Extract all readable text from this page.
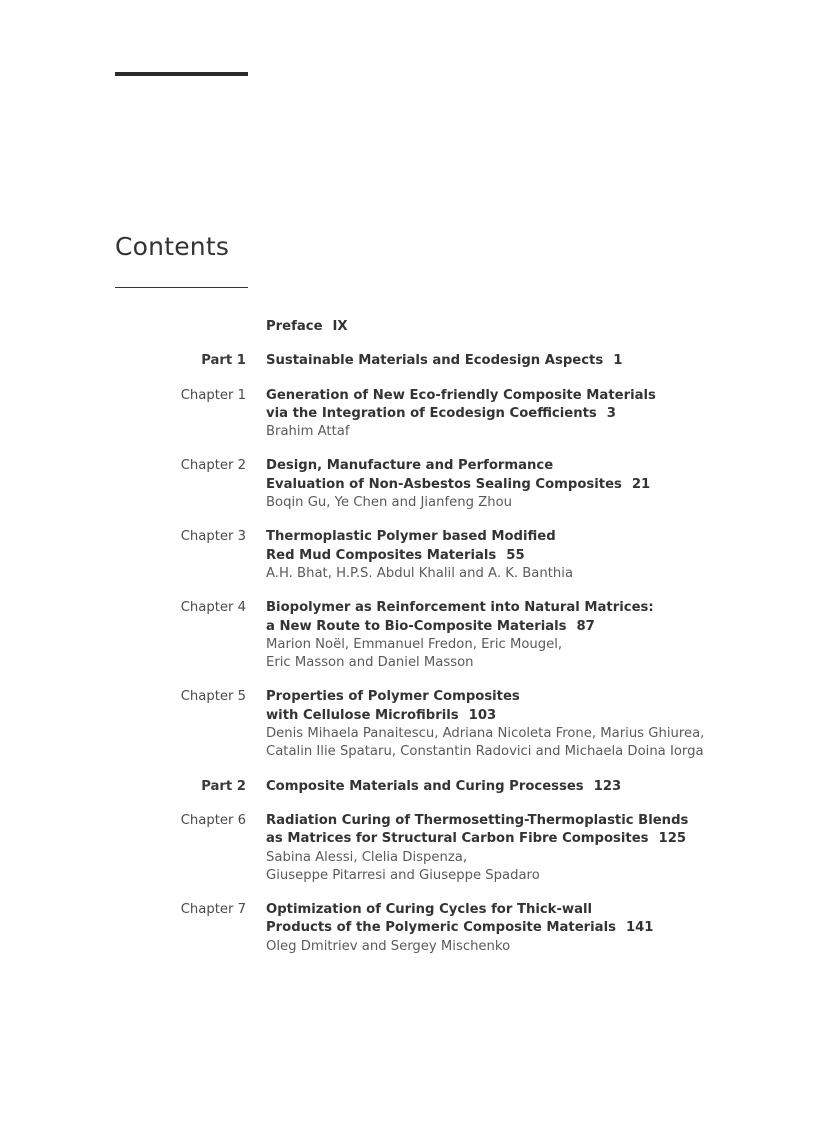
Contents
Preface IX
Part 1 Sustainable Materials and Ecodesign Aspects 1
Chapter 1 Generation of New Eco-friendly Composite Materials
via the Integration of Ecodesign Coefficients 3
Brahim Attaf
Chapter 2 Design, Manufacture and Performance
Evaluation of Non-Asbestos Sealing Composites 21
Boqin Gu, Ye Chen and Jianfeng Zhou
Chapter 3 Thermoplastic Polymer based Modified
Red Mud Composites Materials 55
A.H. Bhat, H.P.S. Abdul Khalil and A. K. Banthia
Chapter 4 Biopolymer as Reinforcement into Natural Matrices:
a New Route to Bio-Composite Materials 87
Marion Noël, Emmanuel Fredon, Eric Mougel,
Eric Masson and Daniel Masson
Chapter 5 Properties of Polymer Composites
with Cellulose Microfibrils 103
Denis Mihaela Panaitescu, Adriana Nicoleta Frone, Marius Ghiurea,
Catalin Ilie Spataru, Constantin Radovici and Michaela Doina Iorga
Part 2 Composite Materials and Curing Processes 123
Chapter 6 Radiation Curing of Thermosetting-Thermoplastic Blends
as Matrices for Structural Carbon Fibre Composites 125
Sabina Alessi, Clelia Dispenza,
Giuseppe Pitarresi and Giuseppe Spadaro
Chapter 7 Optimization of Curing Cycles for Thick-wall
Products of the Polymeric Composite Materials 141
Oleg Dmitriev and Sergey Mischenko
